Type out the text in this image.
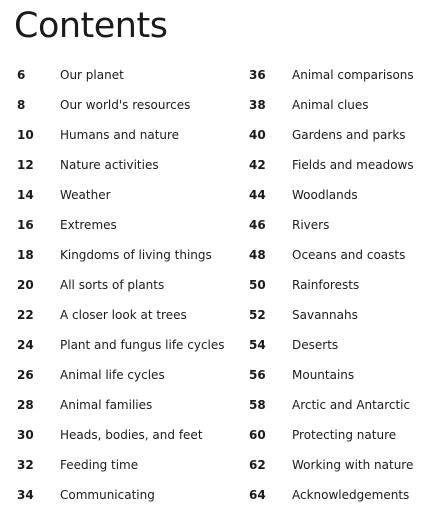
Contents
6	Our planet
8	Our world's resources
10	Humans and nature
12	Nature activities
14	Weather
16	Extremes
18	Kingdoms of living things
20	All sorts of plants
22	A closer look at trees
24	Plant and fungus life cycles
26	Animal life cycles
28	Animal families
30	Heads, bodies, and feet
32	Feeding time
34	Communicating
36	Animal comparisons
38	Animal clues
40	Gardens and parks
42	Fields and meadows
44	Woodlands
46	Rivers
48	Oceans and coasts
50	Rainforests
52	Savannahs
54	Deserts
56	Mountains
58	Arctic and Antarctic
60	Protecting nature
62	Working with nature
64	Acknowledgements
